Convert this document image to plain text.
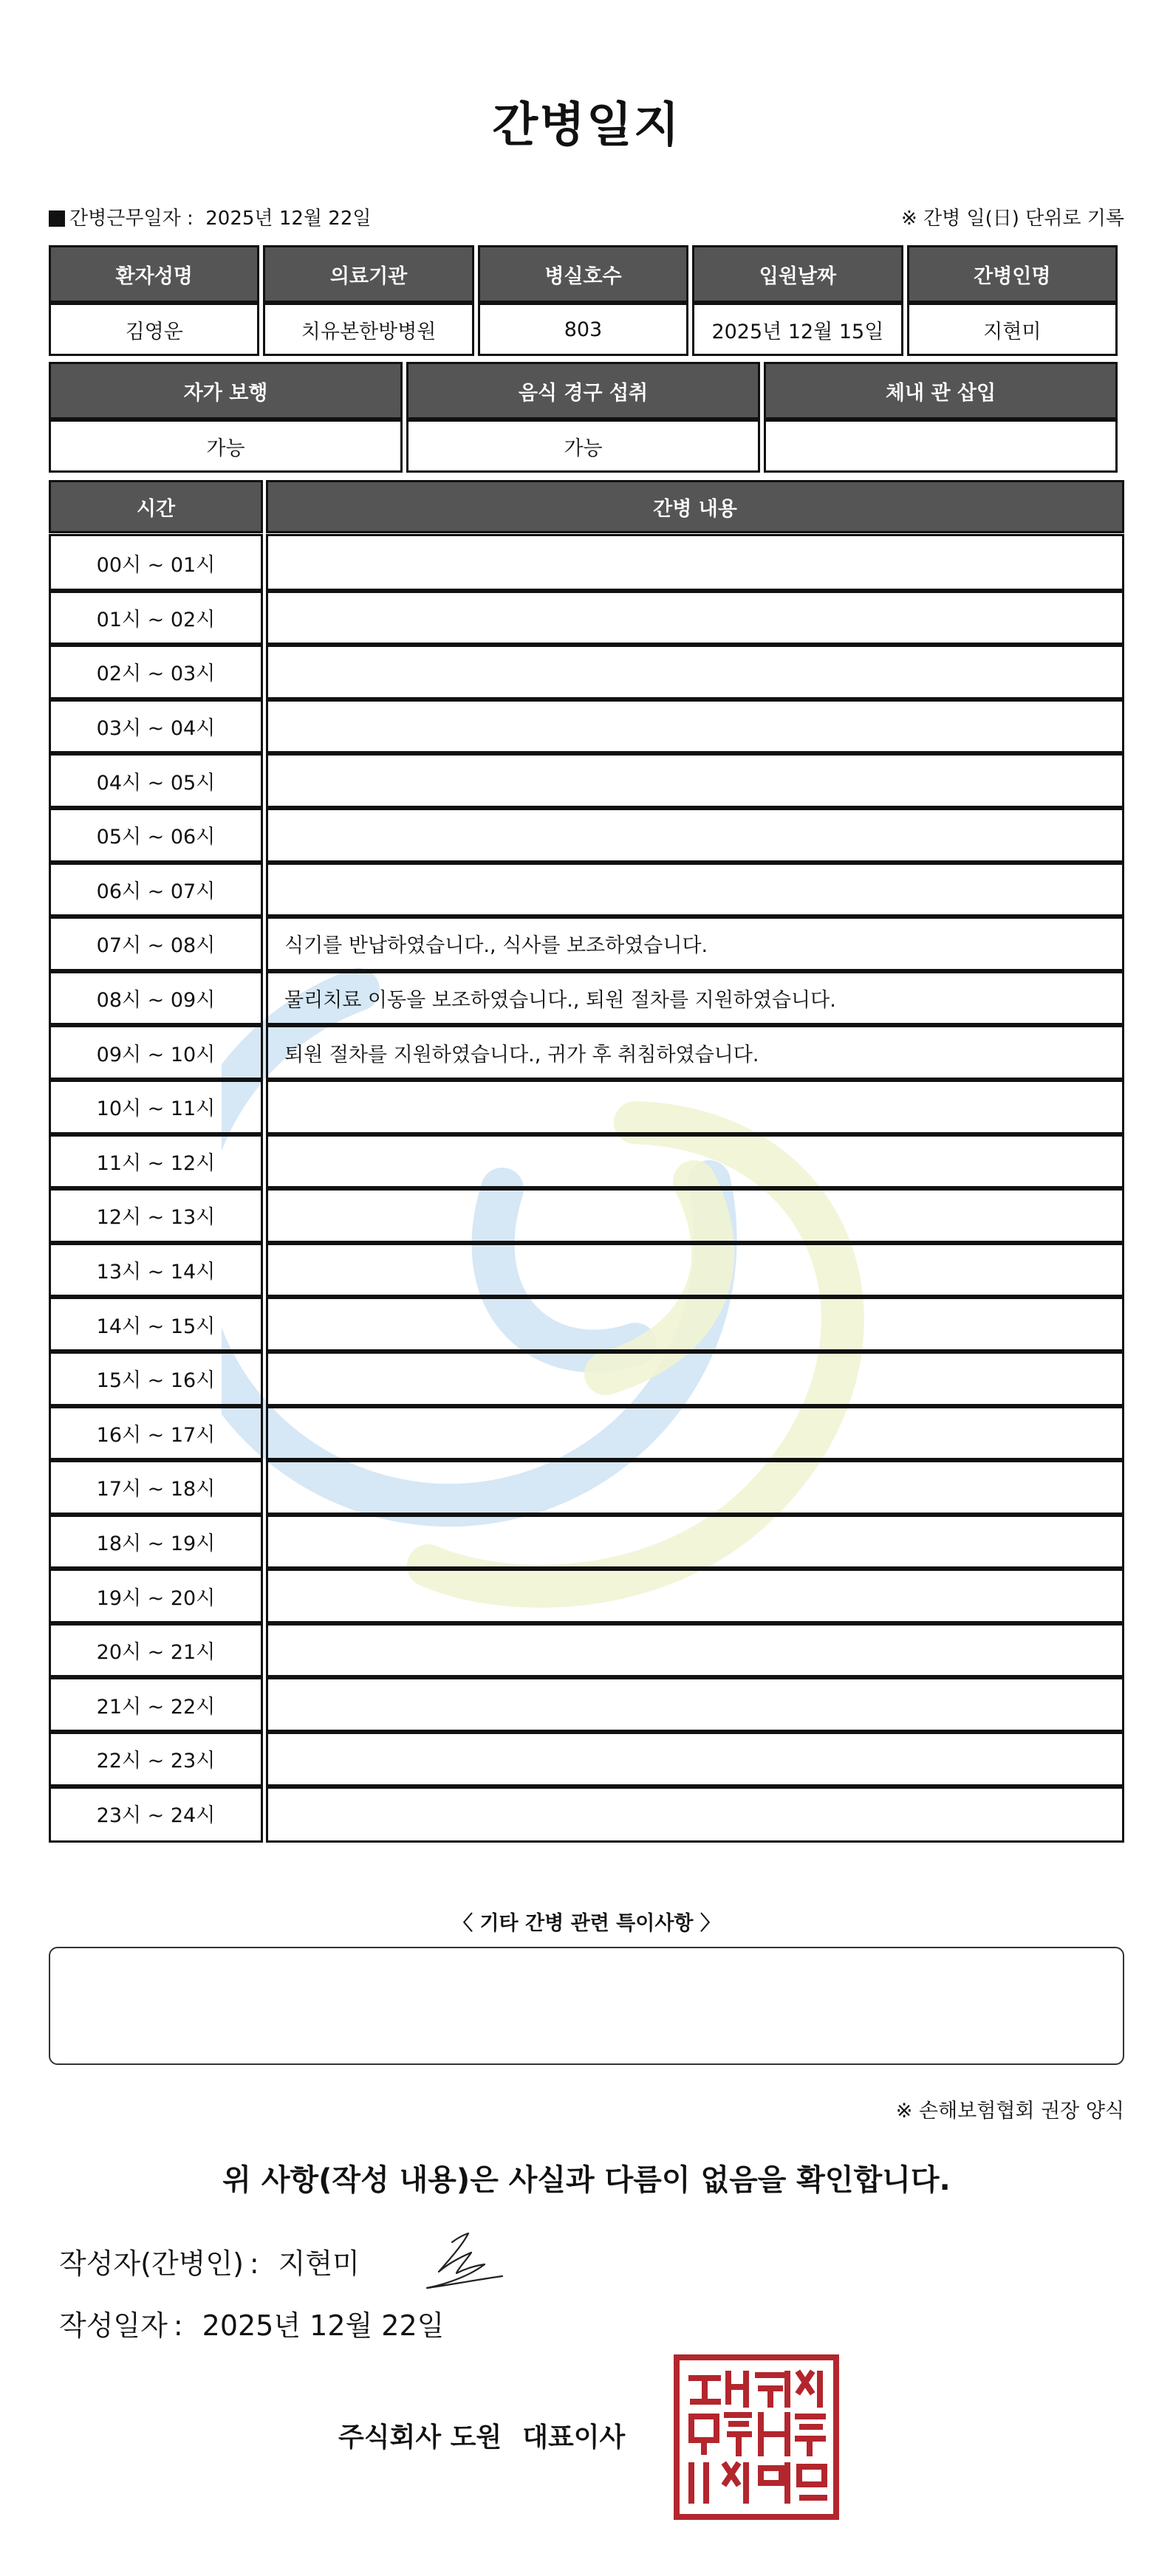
간병일지
간병근무일자 : 2025년 12월 22일	※ 간병 일(日) 단위로 기록
환자성명	의료기관	병실호수	입원날짜	간병인명
김영운	치유본한방병원	803	2025년 12월 15일	지현미
자가 보행	음식 경구 섭취	체내 관 삽입
가능	가능	
시간	간병 내용
00시 ~ 01시
01시 ~ 02시
02시 ~ 03시
03시 ~ 04시
04시 ~ 05시
05시 ~ 06시
06시 ~ 07시
07시 ~ 08시	식기를 반납하였습니다., 식사를 보조하였습니다.
08시 ~ 09시	물리치료 이동을 보조하였습니다., 퇴원 절차를 지원하였습니다.
09시 ~ 10시	퇴원 절차를 지원하였습니다., 귀가 후 취침하였습니다.
10시 ~ 11시
11시 ~ 12시
12시 ~ 13시
13시 ~ 14시
14시 ~ 15시
15시 ~ 16시
16시 ~ 17시
17시 ~ 18시
18시 ~ 19시
19시 ~ 20시
20시 ~ 21시
21시 ~ 22시
22시 ~ 23시
23시 ~ 24시
〈 기타 간병 관련 특이사항 〉
※ 손해보험협회 권장 양식
위 사항(작성 내용)은 사실과 다름이 없음을 확인합니다.
작성자(간병인) : 지현미
작성일자 : 2025년 12월 22일
주식회사 도원 대표이사
